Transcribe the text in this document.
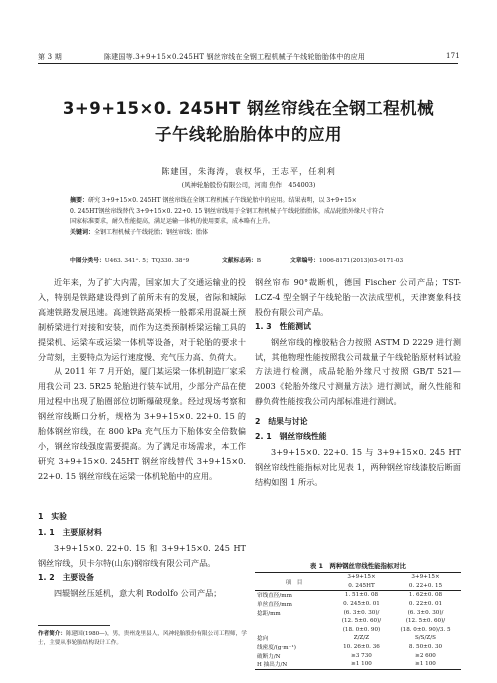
第 3 期	陈建国等.3+9+15×0.245HT 钢丝帘线在全钢工程机械子午线轮胎胎体中的应用	171
3+9+15×0. 245HT 钢丝帘线在全钢工程机械
子午线轮胎胎体中的应用
陈建国，朱海涛，袁权华，王志平，任利利
(风神轮胎股份有限公司，河南 焦作　454003)
摘要：研究 3+9+15×0. 245HT 钢丝帘线在全钢工程机械子午线轮胎中的应用。结果表明，以 3+9+15×
0. 245HT钢丝帘线替代 3+9+15×0. 22+0. 15 钢丝帘线用于全钢工程机械子午线轮胎胎体，成品轮胎外缘尺寸符合
国家标准要求，耐久性能提高，满足运输一体机的使用要求，成本略有上升。
关键词：全钢工程机械子午线轮胎；钢丝帘线；胎体
中图分类号：U463. 341⁺. 5；TQ330. 38⁺9	文献标志码：B	文章编号：1006-8171(2013)03-0171-03

近年来，为了扩大内需，国家加大了交通运输业的投入，特别是铁路建设得到了前所未有的发展，省际和城际高速铁路发展迅速。高速铁路高架桥一般都采用混凝土预制桥梁进行对接和安装，而作为这类预制桥梁运输工具的提梁机、运梁车或运梁一体机等设备，对于轮胎的要求十分苛刻，主要特点为运行速度慢、充气压力高、负荷大。

从 2011 年 7 月开始，厦门某运梁一体机制造厂家采用我公司 23. 5R25 轮胎进行装车试用，少部分产品在使用过程中出现了胎圈部位切断爆破现象。经过现场考察和钢丝帘线断口分析，规格为 3+9+15×0. 22+0. 15 的胎体钢丝帘线，在 800 kPa 充气压力下胎体安全倍数偏小，钢丝帘线强度需要提高。为了满足市场需求，本工作研究 3+9+15×0. 245HT 钢丝帘线替代 3+9+15×0. 22+0. 15 钢丝帘线在运梁一体机轮胎中的应用。

1　实验
1. 1　主要原材料

3+9+15×0. 22+0. 15 和 3+9+15×0. 245 HT 钢丝帘线，贝卡尔特(山东)钢帘线有限公司产品。

1. 2　主要设备

四辊钢丝压延机，意大利 Rodolfo 公司产品；

作者简介：陈建国(1980—)，男，贵州龙里县人，风神轮胎股份有限公司工程师，学士，主要从事轮胎结构设计工作。

钢丝帘布 90°裁断机，德国 Fischer 公司产品；TST-LCZ-4 型全钢子午线轮胎一次法成型机，天津赛象科技股份有限公司产品。

1. 3　性能测试

钢丝帘线的橡胶粘合力按照 ASTM D 2229 进行测试，其他物理性能按照我公司裁量子午线轮胎原材料试验方法进行检测，成品轮胎外缘尺寸按照 GB/T 521—2003《轮胎外缘尺寸测量方法》进行测试，耐久性能和静负荷性能按我公司内部标准进行测试。

2　结果与讨论
2. 1　钢丝帘线性能

3+9+15×0. 22+0. 15 与 3+9+15×0. 245 HT 钢丝帘线性能指标对比见表 1，两种钢丝帘线漆胶后断面结构如图 1 所示。

表 1　两种钢丝帘线性能指标对比
项　目	3+9+15×	3+9+15×
	0. 245HT	0. 22+0. 15
帘线直径/mm	1. 51±0. 08	1. 62±0. 08
单丝直径/mm	0. 245±0. 01	0. 22±0. 01
捻距/mm	(6. 3±0. 30)/	(6. 3±0. 30)/
	(12. 5±0. 60)/	(12. 5±0. 60)/
	(18. 0±0. 90)	(18. 0±0. 90)/3. 5
捻向	Z/Z/Z	S/S/Z/S
线密度/(g·m⁻¹)	10. 26±0. 36	8. 50±0. 30
破断力/N	≥3 730	≥2 600
H 抽出力/N	≥1 100	≥1 100
